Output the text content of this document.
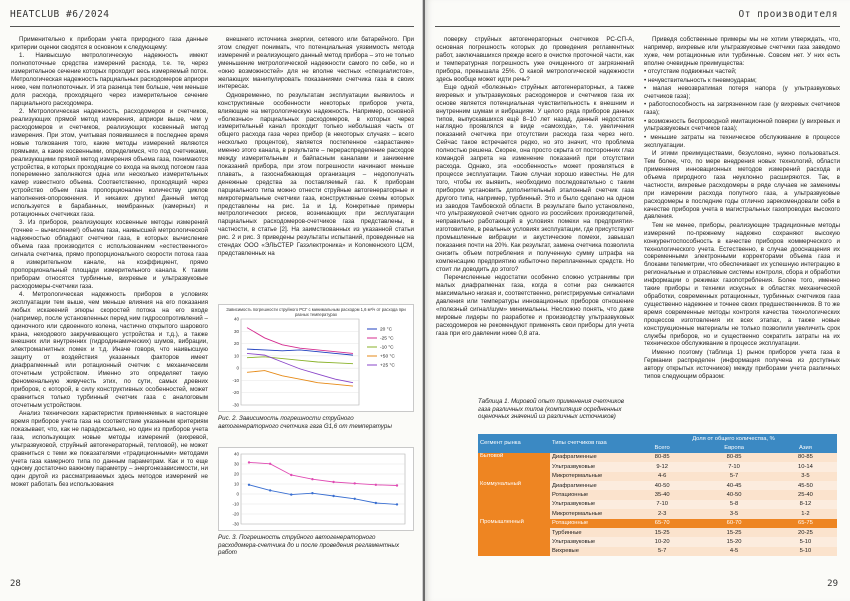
HEATCLUB #6/2024

Применительно к приборам учета природного газа данные критерии оценки сводятся в основном к следующему:

1. Наивысшую метрологическую надежность имеют полнопоточные средства измерений расхода, т.е. те, через измерительное сечение которых проходит весь измеряемый поток. Метрологическая надежность парциальных расходомеров априори ниже, чем полнопоточных. И эта разница тем больше, чем меньше доля расхода, проходящего через измерительное сечение парциального расходомера.

2. Метрологическая надежность, расходомеров и счетчиков, реализующих прямой метод измерения, априори выше, чем у расходомеров и счетчиков, реализующих косвенный метод измерения. При этом, учитывая появившиеся в последнее время новые толкования того, какие методы измерений являются прямыми, а какие косвенными, определимся, что под счетчиками, реализующими прямой метод измерения объема газа, понимаются устройства, в которых проходящие со входа на выход потоком газа попеременно заполняются одна или несколько измерительных камер известного объема. Соответственно, проходящий через устройство объем газа пропорционален количеству циклов наполнения-опорожнения. И никаких других! Данный метод используется в барабанных, мембранных (камерных) и ротационных счетчиках газа.

3. Из приборов, реализующих косвенные методы измерений (точнее – вычисление!) объема газа, наивысшей метрологической надежностью обладают счетчики газа, в которых вычисление объема газа производится с использованием «естественного» сигнала счетчика, прямо пропорционального скорости потока газа в измерительном канале, на коэффициент, прямо пропорциональный площади измерительного канала. К таким приборам относятся турбинные, вихревые и ультразвуковые расходомеры-счетчики газа.

4. Метрологическая надежность приборов в условиях эксплуатации тем выше, чем меньше влияния на его показания любых искажений эпюры скоростей потока на его входе (например, после установленных перед ним гидросопротивлений – одиночного или сдвоенного колена, частично открытого шарового крана, неходового закручивающего устройства и т.д.), а также внешних или внутренних (гидродинамических) шумов, вибрации, электромагнитных помех и т.д. Иначе говоря, что наивысшую защиту от воздействия указанных факторов имеет диафрагменный или ротационный счетчик с механическим отсчетным устройством. Именно это определяет такую феноменальную живучесть этих, по сути, самых древних приборов, с которой, в силу конструктивных особенностей, может сравниться только турбинный счетчик газа с аналоговым отсчетным устройством.

Анализ технических характеристик применяемых в настоящее время приборов учета газа на соответствие указанным критериям показывает, что, как не парадоксально, но один из приборов учета газа, использующих новые методы измерений (вихревой, ультразвуковой, струйный автогенераторный, тепловой), не может сравниться с теми же показателями «традиционными» методами учета газа камерного типа по данным параметрам. Как и то еще одному достаточно важному параметру – энергонезависимости, ни один другой из рассматриваемых здесь методов измерений не может работать без использования

внешнего источника энергии, сетевого или батарейного. При этом следует понимать, что потенциальная уязвимость метода измерений и реализующего данный метод прибора – это не только уменьшение метрологической надежности самого по себе, но и «окно возможностей» для не вполне честных «специалистов», желающих манипулировать показаниями счетчика газа в своих интересах.

Одновременно, по результатам эксплуатации выявилось и конструктивные особенности некоторых приборов учета, влияющие на метрологическую надежность. Например, основной «болезнью» парциальных расходомеров, в которых через измерительный канал проходит только небольшая часть от общего расхода газа через прибор (в некоторых случаях – всего несколько процентов), является постепенное «зарастание» именно этого канала, в результате – перераспределение расходов между измерительным и байпасным каналами и занижение показаний прибора, при этом погрешности начинают меньше плавать, а газоснабжающая организация – недополучать денежные средства за поставляемый газ. К приборам парциального типа можно отнести струйные автогенераторные и микротермальные счетчики газа, конструктивные схемы которых представлены на рис. 1а и 1д. Конкретные примеры метрологических рисков, возникающих при эксплуатации парциальных расходомеров-счетчиков газа представлены, в частности, в статье [2]. На заимствованных из указанной статьи рис. 2 и рис. 3 приведены результаты испытаний, проведенные на стендах ООО «ЭЛЬСТЕР Газэлектроника» и Коломенского ЦСМ, представленных на

Зависимость погрешности струйного РСГ с минимальным расходом 1,6 м³/ч от расхода при разных температурах
40
30
20
10
0
-10
-20
-30
20 °C
-25 °C
-10 °C
+50 °C
+25 °C
Рис. 2. Зависимость погрешности струйного автогенераторного счетчика газа G1,6 от температуры
40
30
20
10
0
-10
-20
-30
Рис. 3. Погрешность струйного автогенераторного расходомера-счетчика до и после проведения регламентных работ
28
От производителя

поверку струйных автогенераторных счетчиков РС-СП-А, основная погрешность которых до проведения регламентных работ, заключавшихся прежде всего в очистке проточной части, как и температурная погрешность уже очищенного от загрязнений прибора, превышала 25%. О какой метрологической надежности здесь вообще может идти речь?

Еще одной «болезнью» струйных автогенераторных, а также вихревых и ультразвуковых расходомеров и счетчиков газа их основе является потенциальная чувствительность к внешним и внутренним шумам и вибрациям. У целого ряда приборов данных типов, выпускавшихся ещё 8–10 лет назад, данный недостаток наглядно проявлялся в виде «самохода», т.е. увеличения показаний счетчика при отсутствии расхода газа через него. Сейчас такое встречается редко, но это значит, что проблема полностью решена. Скорее, она просто скрыта от посторонних глаз командой запрета на изменение показаний при отсутствии расхода. Однако, эта «особенность» может проявляться в процессе эксплуатации. Такие случаи хорошо известны. Не для того, чтобы их выявить, необходимо последовательно с таким прибором установить дополнительный эталонный счетчик газа другого типа, например, турбинный. Это и было сделано на одном из заводов Тамбовской области. В результате было установлено, что ультразвуковой счетчик одного из российских производителей, неправильно работающий в условиях помехи на предприятии-изготовителе, в реальных условиях эксплуатации, где присутствуют промышленные вибрации и акустические помехи, завышал показания почти на 20%. Как результат, замена счетчика позволила снизить объем потребления и полученную сумму штрафа на компенсацию предприятию избыточно переплаченных средств. Но стоит ли доводить до этого?

Перечисленные недостатки особенно сложно устранимы при малых диафрагменах газа, когда в сотни раз снижается максимально низкая и, соответственно, регистрируемые сигналами давления или температуры инновационных приборов отношение «полезный сигнал/шум» минимальны. Несложно понять, что даже мировые лидеры по разработке и производству ультразвуковых расходомеров не рекомендуют применять свои приборы для учета газа при его давлении ниже 0,8 ата.

Приведя собственные примеры мы не хотим утверждать, что, например, вихревые или ультразвуковые счетчики газа заведомо хуже, чем ротационные или турбинные. Совсем нет. У них есть вполне очевидные преимущества:

• отсутствие подвижных частей;

• нечувствительность к пневмоударам;

• малая невозвратимая потеря напора (у ультразвуковых счетчиков газа);

• работоспособность на загрязненном газе (у вихревых счетчиков газа);

• возможность беспроводной имитационной поверки (у вихревых и ультразвуковых счетчиков газа);

• меньшие затраты на техническое обслуживание в процессе эксплуатации.

И этими преимуществами, безусловно, нужно пользоваться. Тем более, что, по мере внедрения новых технологий, области применения инновационных методов измерений расхода и объема природного газа неуклонно расширяются. Так, в частности, вихревые расходомеры в ряде случаев не заменимы при измерении расхода попутного газа, а ультразвуковые расходомеры в последние годы отлично зарекомендовали себя в качестве приборов учета в магистральных газопроводах высокого давления.

Тем не менее, приборы, реализующие традиционные методы измерений по-прежнему надежно сохраняют высокую конкурентоспособность в качестве приборов коммерческого и технологического учета. Естественно, в случае дооснащения их современными электронными корректорами объема газа и блоками телеметрии, что обеспечивает их успешную интеграцию в региональные и отраслевые системы контроля, сбора и обработки информации о режимах газопотребления. Более того, именно такие приборы и техники искусных в областях механической обработки, современных ротационных, турбинных счетчиков газа существенно надежнее и точнее своих предшественников. В то же время современные методы контроля качества технологических процессов изготовления их всех этапах, а также новые конструкционные материалы не только позволили увеличить срок службы приборов, но и существенно сократить затраты на их техническое обслуживание в процессе эксплуатации.

Именно поэтому (таблица 1) рынок приборов учета газа в Германии распределен (информация получена из доступных автору открытых источников) между приборами учета различных типов следующим образом:

Таблица 1. Мировой опыт применения счетчиков газа различных типов (компиляция осредненных оценочных значений из различных источников)
Сегмент рынка	Типы счетчиков газа	Доля от общего количества, %		
		Всего	Европа	Азия
Бытовой	Диафрагменные	80-85	80-85	80-85
	Ультразвуковые	9-12	7-10	10-14
	Микротермальные	4-6	5-7	3-5
Коммунальный	Диафрагменные	40-50	40-45	45-50
	Ротационные	35-40	40-50	25-40
	Ультразвуковые	7-10	5-8	8-12
	Микротермальные	2-3	3-5	1-2
Промышленный	Ротационные	65-70	60-70	65-75
	Турбинные	15-25	15-25	20-25
	Ультразвуковые	10-20	15-20	5-10
	Вихревые	5-7	4-5	5-10
29
